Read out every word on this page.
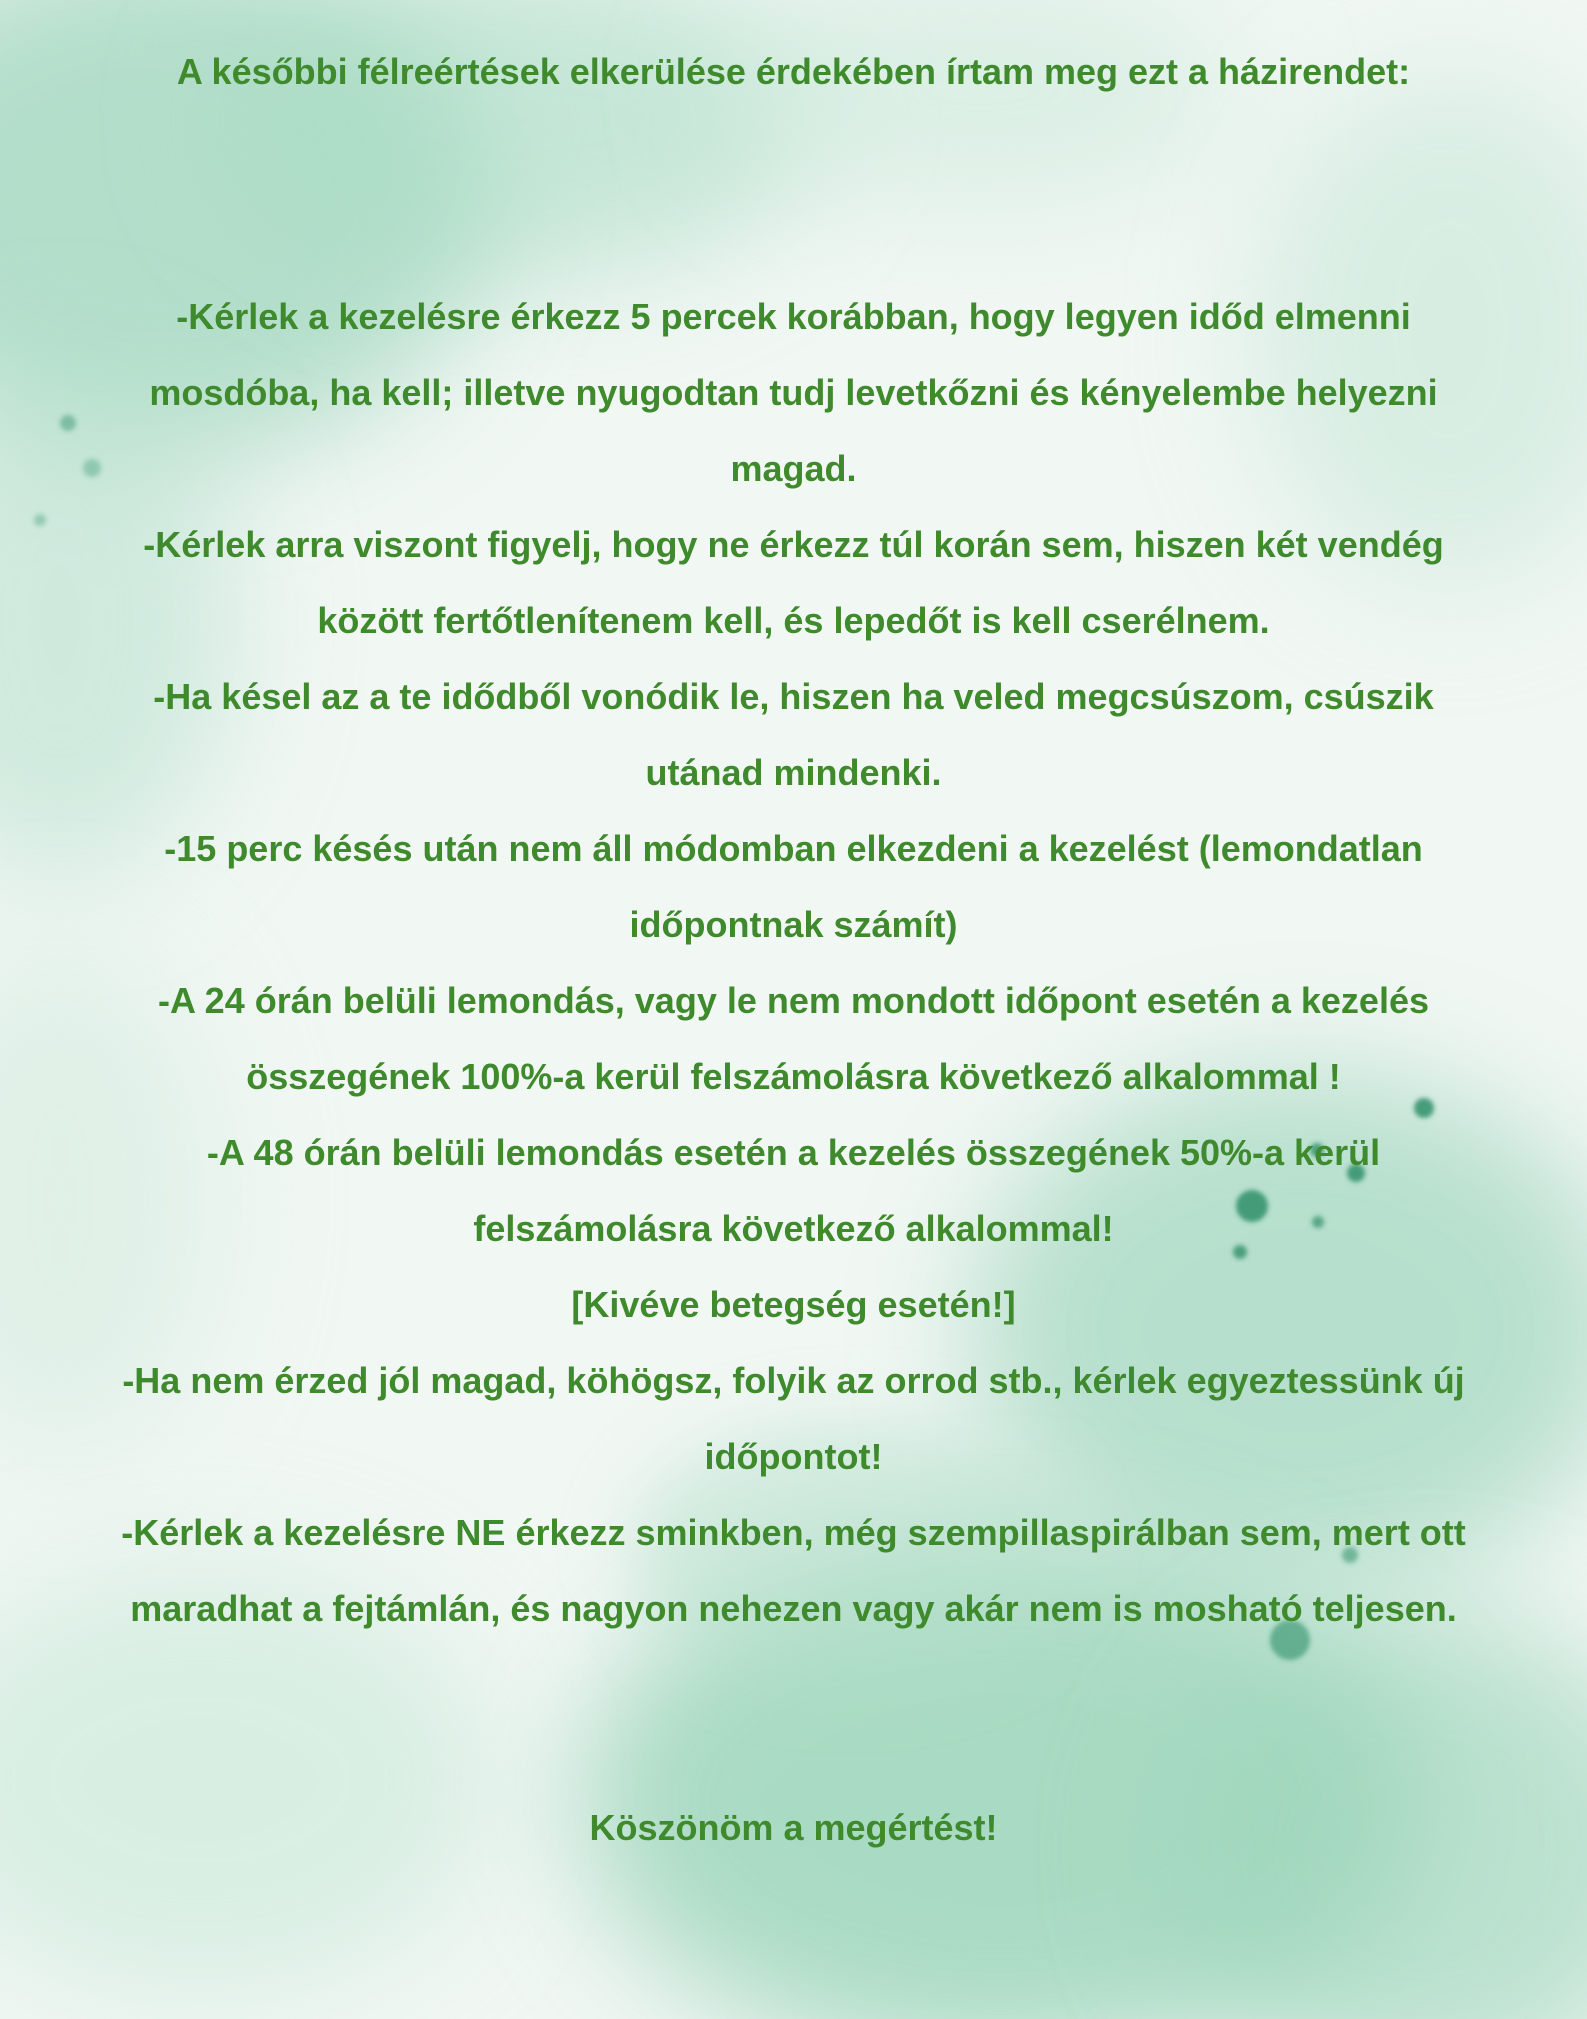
A későbbi félreértések elkerülése érdekében írtam meg ezt a házirendet:
-Kérlek a kezelésre érkezz 5 percek korábban, hogy legyen időd elmenni
mosdóba, ha kell; illetve nyugodtan tudj levetkőzni és kényelembe helyezni
magad.
-Kérlek arra viszont figyelj, hogy ne érkezz túl korán sem, hiszen két vendég
között fertőtlenítenem kell, és lepedőt is kell cserélnem.
-Ha késel az a te idődből vonódik le, hiszen ha veled megcsúszom, csúszik
utánad mindenki.
-15 perc késés után nem áll módomban elkezdeni a kezelést (lemondatlan
időpontnak számít)
-A 24 órán belüli lemondás, vagy le nem mondott időpont esetén a kezelés
összegének 100%-a kerül felszámolásra következő alkalommal !
-A 48 órán belüli lemondás esetén a kezelés összegének 50%-a kerül
felszámolásra következő alkalommal!
[Kivéve betegség esetén!]
-Ha nem érzed jól magad, köhögsz, folyik az orrod stb., kérlek egyeztessünk új
időpontot!
-Kérlek a kezelésre NE érkezz sminkben, még szempillaspirálban sem, mert ott
maradhat a fejtámlán, és nagyon nehezen vagy akár nem is mosható teljesen.

Köszönöm a megértést!
